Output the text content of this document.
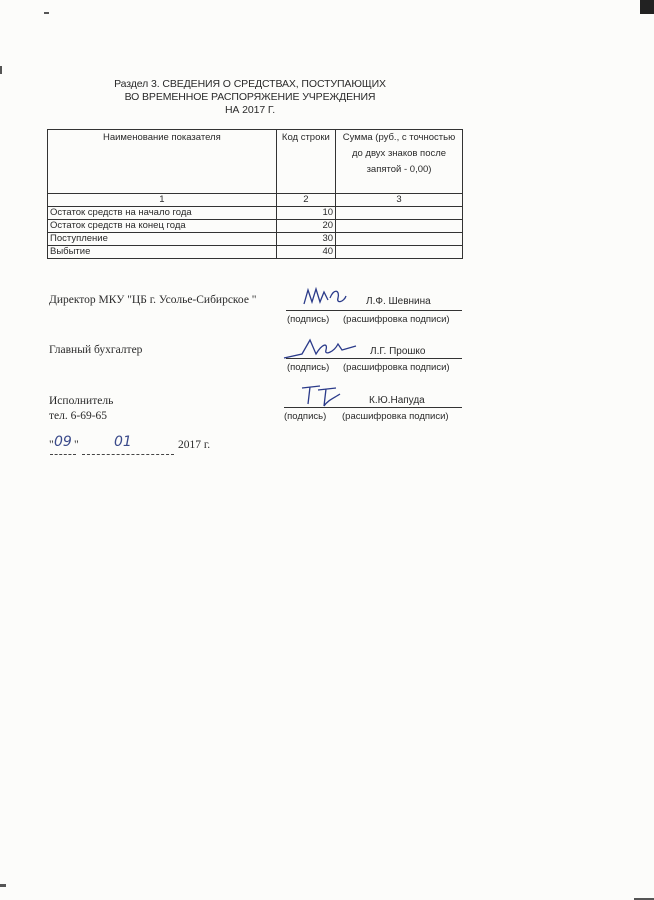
Раздел 3. СВЕДЕНИЯ О СРЕДСТВАХ, ПОСТУПАЮЩИХ
ВО ВРЕМЕННОЕ РАСПОРЯЖЕНИЕ УЧРЕЖДЕНИЯ
НА 2017 Г.
Наименование показателя	Код строки	Сумма (руб., с точностью до двух знаков после запятой - 0,00)
1	2	3
Остаток средств на начало года	10	
Остаток средств на конец года	20	
Поступление	30	
Выбытие	40	
Директор МКУ "ЦБ г. Усолье-Сибирское "	Л.Ф. Шевнина
(подпись) (расшифровка подписи)
Главный бухгалтер	Л.Г. Прошко
(подпись) (расшифровка подписи)
Исполнитель
тел. 6-69-65
К.Ю.Напуда
(подпись) (расшифровка подписи)
" 09 "	01	2017 г.
